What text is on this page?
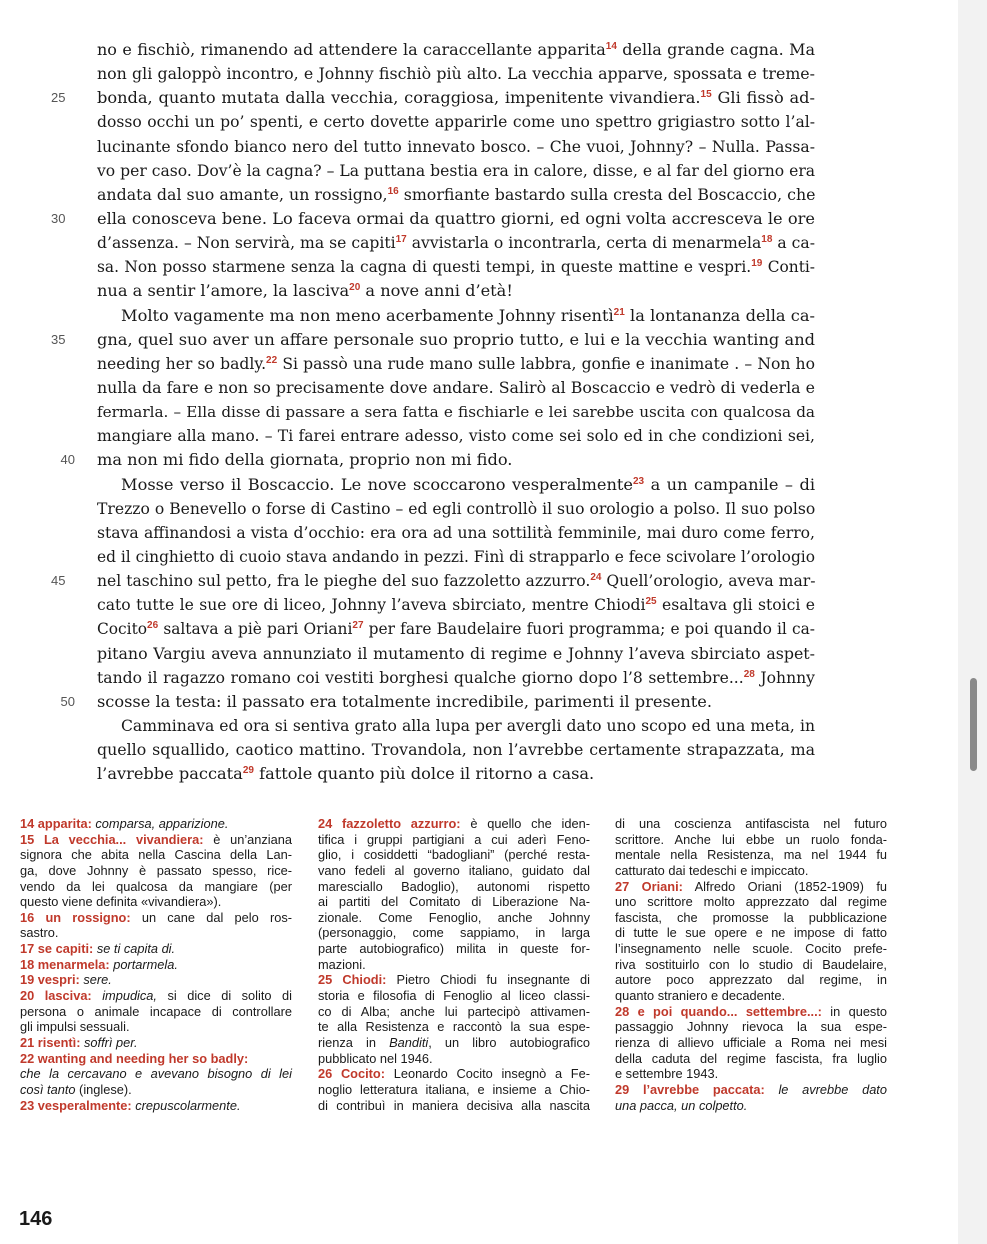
no e fischiò, rimanendo ad attendere la caraccellante apparita$^{14}$ della grande cagna. Ma
non gli galoppò incontro, e Johnny fischiò più alto. La vecchia apparve, spossata e treme-
25	bonda, quanto mutata dalla vecchia, coraggiosa, impenitente vivandiera.$^{15}$ Gli fissò ad-
dosso occhi un po’ spenti, e certo dovette apparirle come uno spettro grigiastro sotto l’al-
lucinante sfondo bianco nero del tutto innevato bosco. – Che vuoi, Johnny? – Nulla. Passa-
vo per caso. Dov’è la cagna? – La puttana bestia era in calore, disse, e al far del giorno era
andata dal suo amante, un rossigno,$^{16}$ smorfiante bastardo sulla cresta del Boscaccio, che
30	ella conosceva bene. Lo faceva ormai da quattro giorni, ed ogni volta accresceva le ore
d’assenza. – Non servirà, ma se capiti$^{17}$ avvistarla o incontrarla, certa di menarmela$^{18}$ a ca-
sa. Non posso starmene senza la cagna di questi tempi, in queste mattine e vespri.$^{19}$ Conti-
nua a sentir l’amore, la lasciva$^{20}$ a nove anni d’età!
Molto vagamente ma non meno acerbamente Johnny risentì$^{21}$ la lontananza della ca-
35	gna, quel suo aver un affare personale suo proprio tutto, e lui e la vecchia wanting and
needing her so badly.$^{22}$ Si passò una rude mano sulle labbra, gonfie e inanimate . – Non ho
nulla da fare e non so precisamente dove andare. Salirò al Boscaccio e vedrò di vederla e
fermarla. – Ella disse di passare a sera fatta e fischiarle e lei sarebbe uscita con qualcosa da
mangiare alla mano. – Ti farei entrare adesso, visto come sei solo ed in che condizioni sei,
40 ma non mi fido della giornata, proprio non mi fido.
Mosse verso il Boscaccio. Le nove scoccarono vesperalmente$^{23}$ a un campanile – di
Trezzo o Benevello o forse di Castino – ed egli controllò il suo orologio a polso. Il suo polso
stava affinandosi a vista d’occhio: era ora ad una sottilità femminile, mai duro come ferro,
ed il cinghietto di cuoio stava andando in pezzi. Finì di strapparlo e fece scivolare l’orologio
45	nel taschino sul petto, fra le pieghe del suo fazzoletto azzurro.$^{24}$ Quell’orologio, aveva mar-
cato tutte le sue ore di liceo, Johnny l’aveva sbirciato, mentre Chiodi$^{25}$ esaltava gli stoici e
Cocito$^{26}$ saltava a piè pari Oriani$^{27}$ per fare Baudelaire fuori programma; e poi quando il ca-
pitano Vargiu aveva annunziato il mutamento di regime e Johnny l’aveva sbirciato aspet-
tando il ragazzo romano coi vestiti borghesi qualche giorno dopo l’8 settembre...$^{28}$ Johnny
50 scosse la testa: il passato era totalmente incredibile, parimenti il presente.
Camminava ed ora si sentiva grato alla lupa per avergli dato uno scopo ed una meta, in
quello squallido, caotico mattino. Trovandola, non l’avrebbe certamente strapazzata, ma
l’avrebbe paccata$^{29}$ fattole quanto più dolce il ritorno a casa.
14 apparita: comparsa, apparizione.
15 La vecchia... vivandiera: è un’anziana
signora che abita nella Cascina della Lan-
ga, dove Johnny è passato spesso, rice-
vendo da lei qualcosa da mangiare (per
questo viene definita «vivandiera»).
16 un rossigno: un cane dal pelo ros-
sastro.
17 se capiti: se ti capita di.
18 menarmela: portarmela.
19 vespri: sere.
20 lasciva: impudica, si dice di solito di
persona o animale incapace di controllare
gli impulsi sessuali.
21 risentì: soffrì per.
22 wanting and needing her so badly:
che la cercavano e avevano bisogno di lei
così tanto (inglese).
23 vesperalmente: crepuscolarmente.
24 fazzoletto azzurro: è quello che iden-
tifica i gruppi partigiani a cui aderì Feno-
glio, i cosiddetti “badogliani” (perché resta-
vano fedeli al governo italiano, guidato dal
maresciallo Badoglio), autonomi rispetto
ai partiti del Comitato di Liberazione Na-
zionale. Come Fenoglio, anche Johnny
(personaggio, come sappiamo, in larga
parte autobiografico) milita in queste for-
mazioni.
25 Chiodi: Pietro Chiodi fu insegnante di
storia e filosofia di Fenoglio al liceo classi-
co di Alba; anche lui partecipò attivamen-
te alla Resistenza e raccontò la sua espe-
rienza in Banditi, un libro autobiografico
pubblicato nel 1946.
26 Cocito: Leonardo Cocito insegnò a Fe-
noglio letteratura italiana, e insieme a Chio-
di contribuì in maniera decisiva alla nascita
di una coscienza antifascista nel futuro
scrittore. Anche lui ebbe un ruolo fonda-
mentale nella Resistenza, ma nel 1944 fu
catturato dai tedeschi e impiccato.
27 Oriani: Alfredo Oriani (1852-1909) fu
uno scrittore molto apprezzato dal regime
fascista, che promosse la pubblicazione
di tutte le sue opere e ne impose di fatto
l’insegnamento nelle scuole. Cocito prefe-
riva sostituirlo con lo studio di Baudelaire,
autore poco apprezzato dal regime, in
quanto straniero e decadente.
28 e poi quando... settembre...: in questo
passaggio Johnny rievoca la sua espe-
rienza di allievo ufficiale a Roma nei mesi
della caduta del regime fascista, fra luglio
e settembre 1943.
29 l’avrebbe paccata: le avrebbe dato
una pacca, un colpetto.
146
